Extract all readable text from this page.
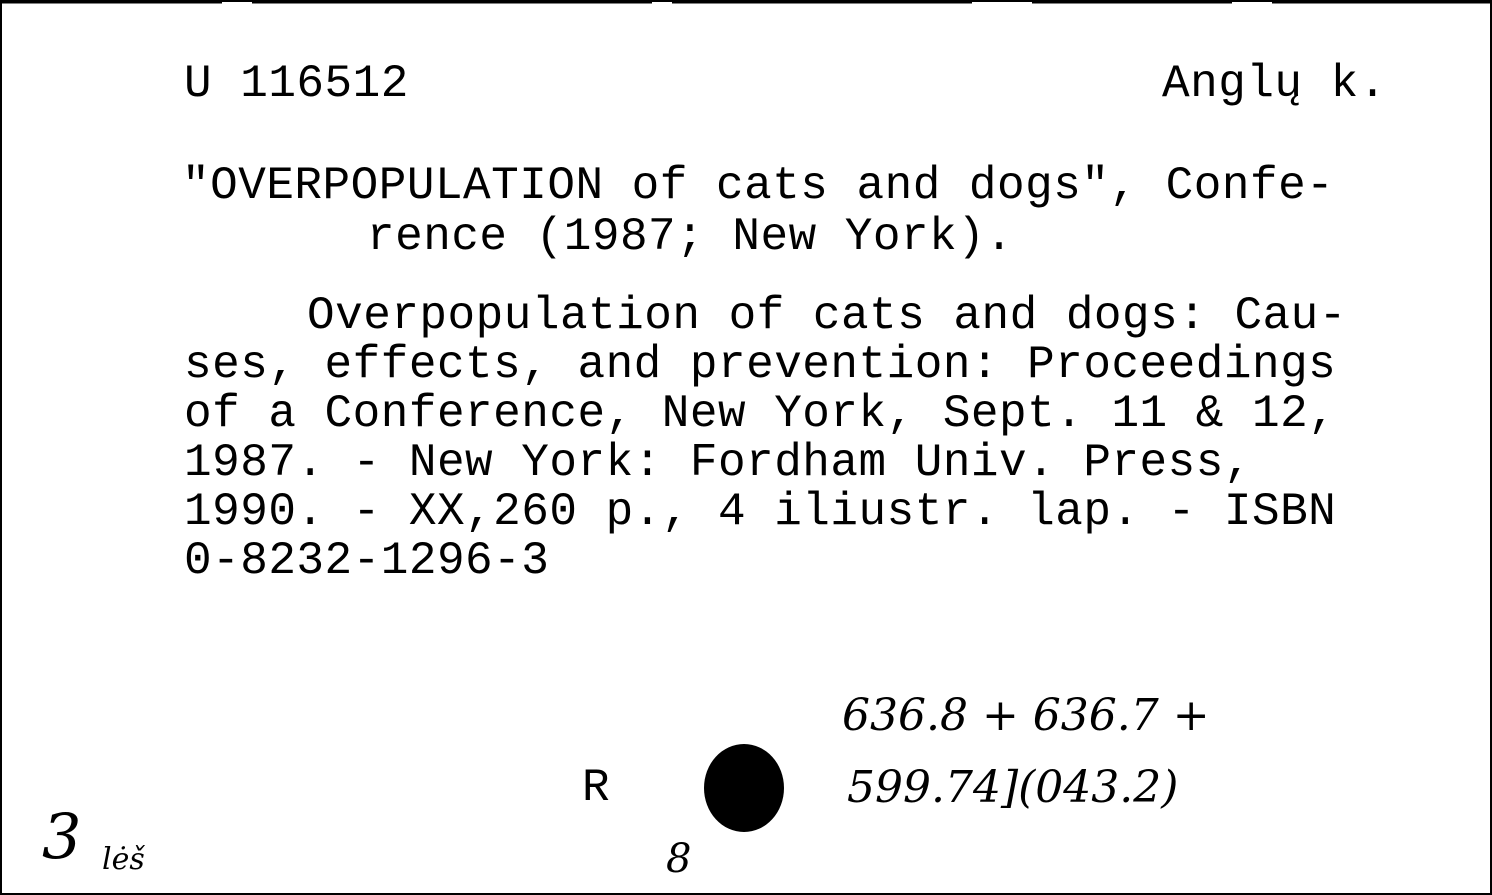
U 116512	Anglų k.
"OVERPOPULATION of cats and dogs", Confe-
rence (1987; New York).
Overpopulation of cats and dogs: Cau-
ses, effects, and prevention: Proceedings
of a Conference, New York, Sept. 11 & 12,
1987. - New York: Fordham Univ. Press,
1990. - XX,260 p., 4 iliustr. lap. - ISBN
0-8232-1296-3
636.8 + 636.7 +
599.74](043.2)
R
3 lėš	8
